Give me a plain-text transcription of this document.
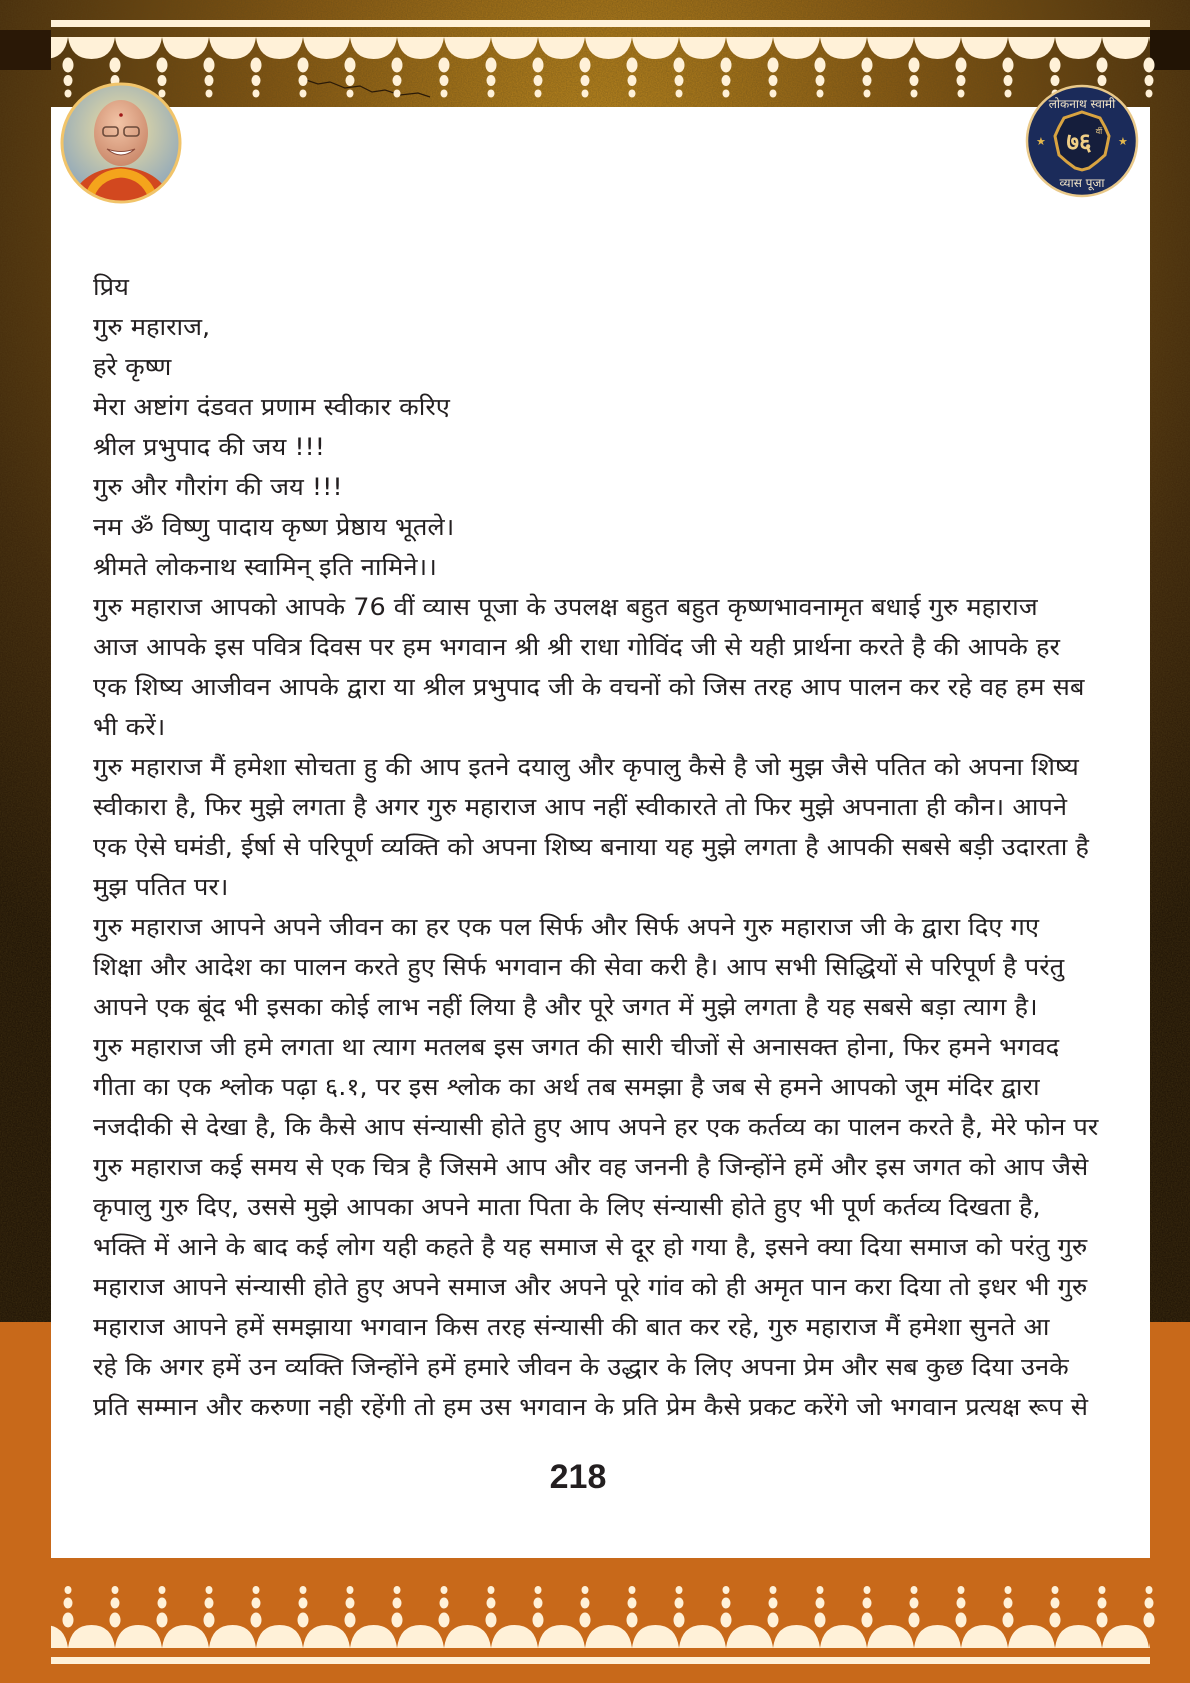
★	★
लोकनाथ स्वामी
७६ वीं
व्यास पूजा
प्रिय
गुरु महाराज,
हरे कृष्ण
मेरा अष्टांग दंडवत प्रणाम स्वीकार करिए
श्रील प्रभुपाद की जय !!!
गुरु और गौरांग की जय !!!
नम ॐ विष्णु पादाय कृष्ण प्रेष्ठाय भूतले।
श्रीमते लोकनाथ स्वामिन् इति नामिने।।
गुरु महाराज आपको आपके 76 वीं व्यास पूजा के उपलक्ष बहुत बहुत कृष्णभावनामृत बधाई गुरु महाराज
आज आपके इस पवित्र दिवस पर हम भगवान श्री श्री राधा गोविंद जी से यही प्रार्थना करते है की आपके हर
एक शिष्य आजीवन आपके द्वारा या श्रील प्रभुपाद जी के वचनों को जिस तरह आप पालन कर रहे वह हम सब
भी करें।
गुरु महाराज मैं हमेशा सोचता हु की आप इतने दयालु और कृपालु कैसे है जो मुझ जैसे पतित को अपना शिष्य
स्वीकारा है, फिर मुझे लगता है अगर गुरु महाराज आप नहीं स्वीकारते तो फिर मुझे अपनाता ही कौन। आपने
एक ऐसे घमंडी, ईर्षा से परिपूर्ण व्यक्ति को अपना शिष्य बनाया यह मुझे लगता है आपकी सबसे बड़ी उदारता है
मुझ पतित पर।
गुरु महाराज आपने अपने जीवन का हर एक पल सिर्फ और सिर्फ अपने गुरु महाराज जी के द्वारा दिए गए
शिक्षा और आदेश का पालन करते हुए सिर्फ भगवान की सेवा करी है। आप सभी सिद्धियों से परिपूर्ण है परंतु
आपने एक बूंद भी इसका कोई लाभ नहीं लिया है और पूरे जगत में मुझे लगता है यह सबसे बड़ा त्याग है।
गुरु महाराज जी हमे लगता था त्याग मतलब इस जगत की सारी चीजों से अनासक्त होना, फिर हमने भगवद
गीता का एक श्लोक पढ़ा ६.१, पर इस श्लोक का अर्थ तब समझा है जब से हमने आपको जूम मंदिर द्वारा
नजदीकी से देखा है, कि कैसे आप संन्यासी होते हुए आप अपने हर एक कर्तव्य का पालन करते है, मेरे फोन पर
गुरु महाराज कई समय से एक चित्र है जिसमे आप और वह जननी है जिन्होंने हमें और इस जगत को आप जैसे
कृपालु गुरु दिए, उससे मुझे आपका अपने माता पिता के लिए संन्यासी होते हुए भी पूर्ण कर्तव्य दिखता है,
भक्ति में आने के बाद कई लोग यही कहते है यह समाज से दूर हो गया है, इसने क्या दिया समाज को परंतु गुरु
महाराज आपने संन्यासी होते हुए अपने समाज और अपने पूरे गांव को ही अमृत पान करा दिया तो इधर भी गुरु
महाराज आपने हमें समझाया भगवान किस तरह संन्यासी की बात कर रहे, गुरु महाराज मैं हमेशा सुनते आ
रहे कि अगर हमें उन व्यक्ति जिन्होंने हमें हमारे जीवन के उद्धार के लिए अपना प्रेम और सब कुछ दिया उनके
प्रति सम्मान और करुणा नही रहेंगी तो हम उस भगवान के प्रति प्रेम कैसे प्रकट करेंगे जो भगवान प्रत्यक्ष रूप से
218
